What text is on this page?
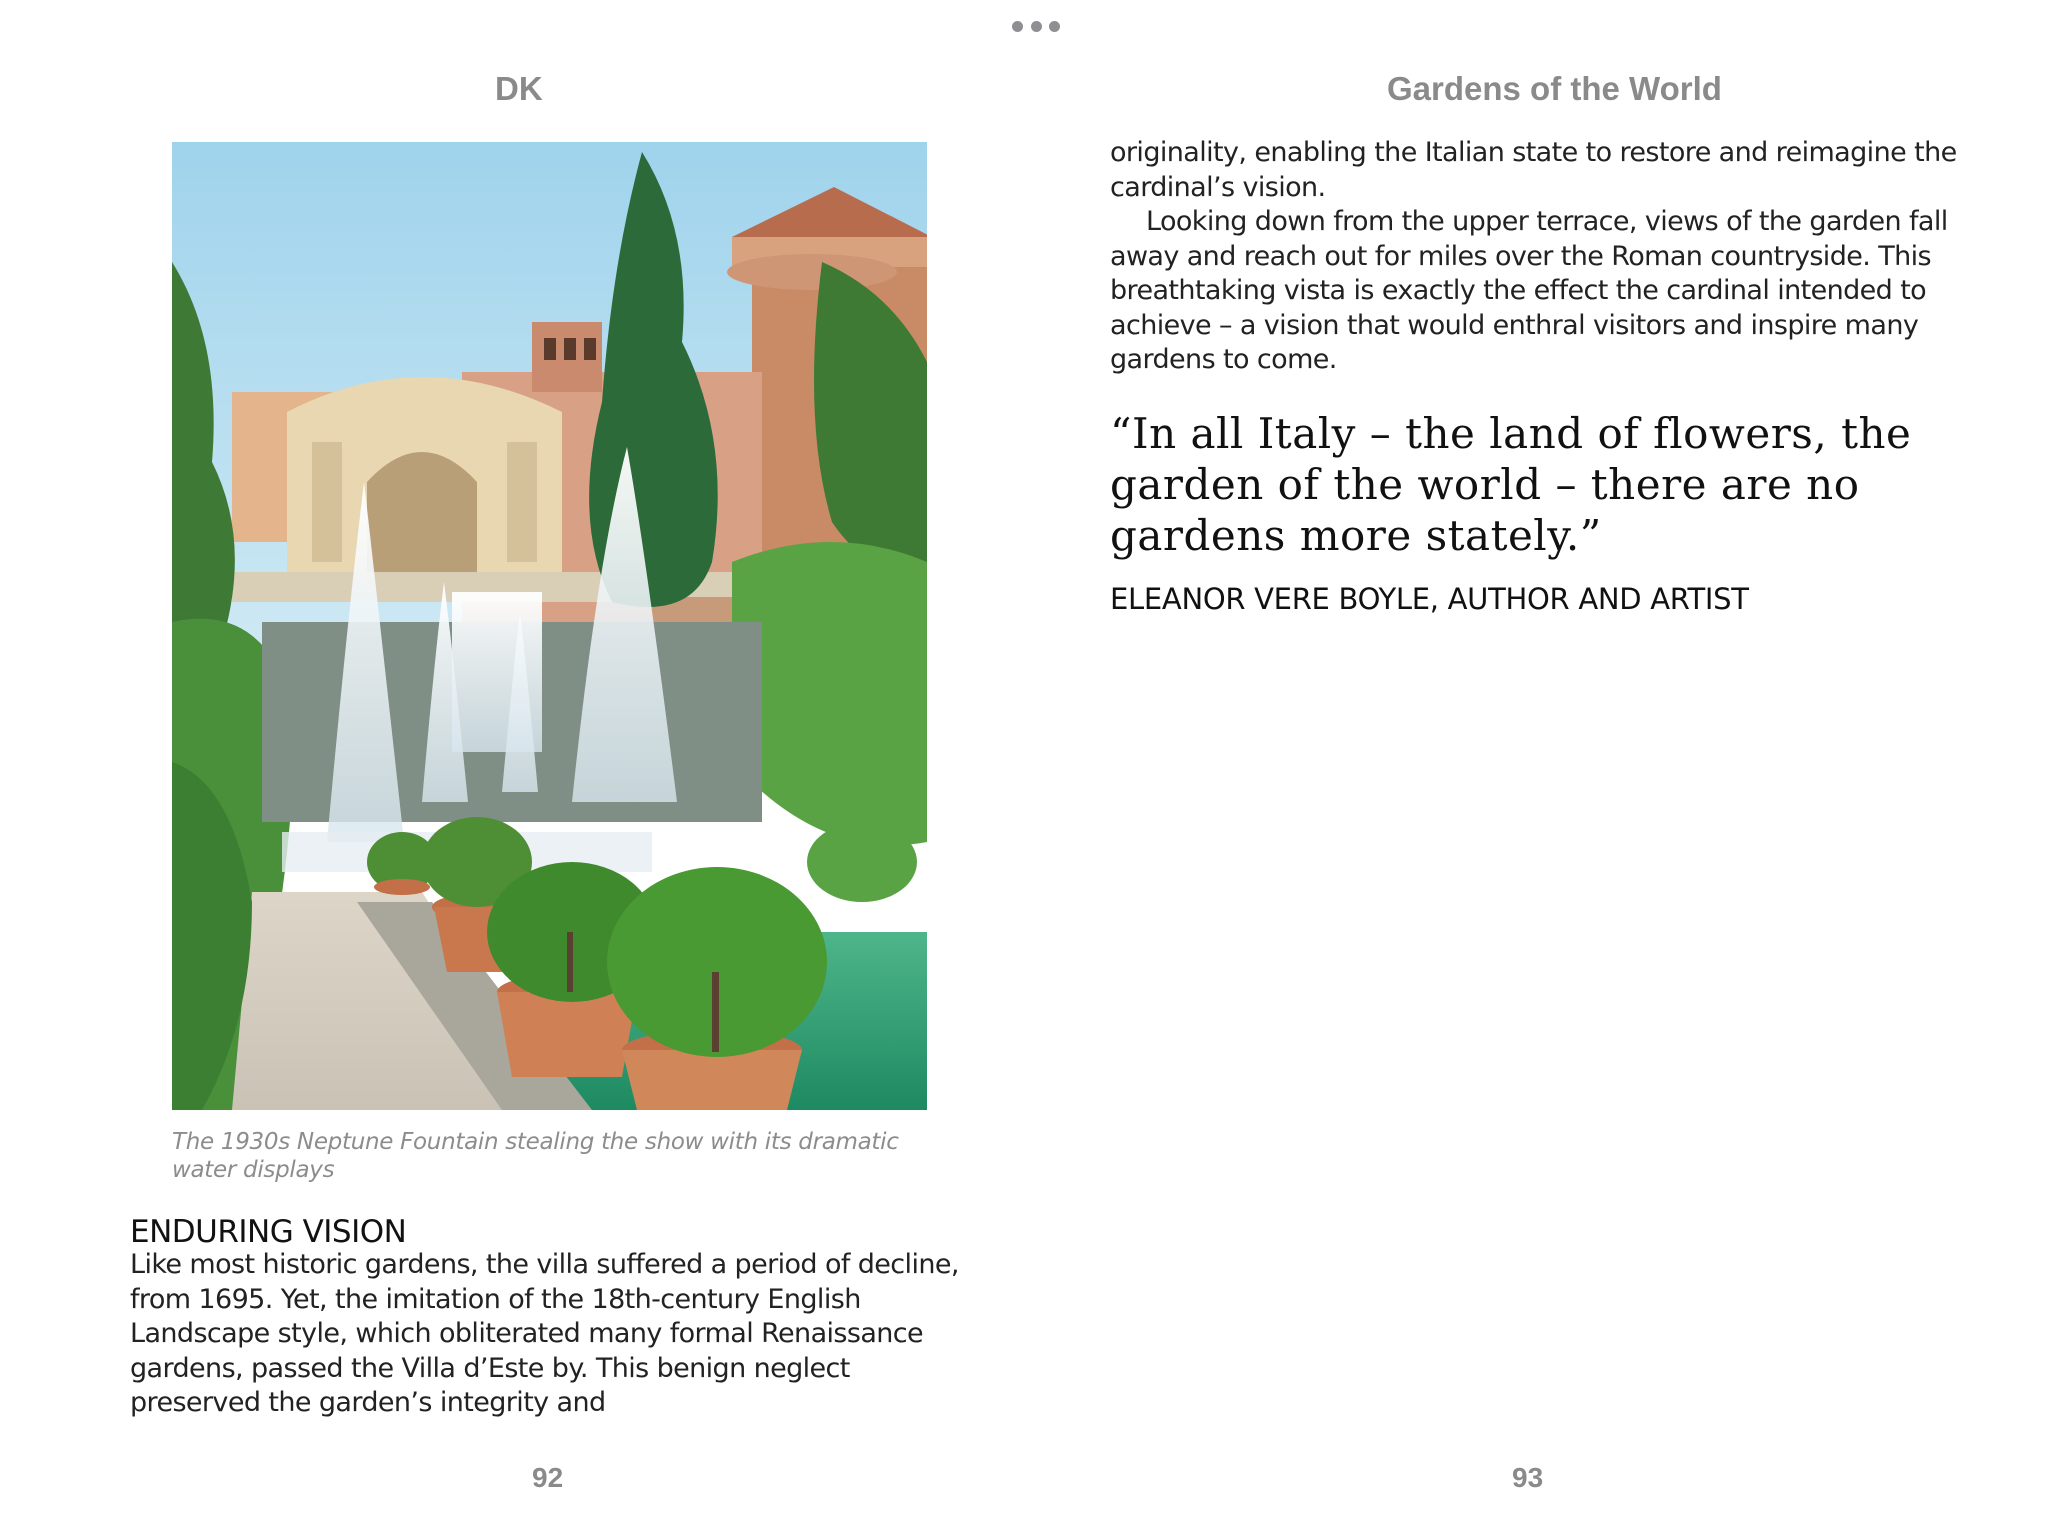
DK	Gardens of the World
The 1930s Neptune Fountain stealing the show with its dramatic water displays
ENDURING VISION

Like most historic gardens, the villa suffered a period of decline, from 1695. Yet, the imitation of the 18th-century English Landscape style, which obliterated many formal Renaissance gardens, passed the Villa d’Este by. This benign neglect preserved the garden’s integrity and

originality, enabling the Italian state to restore and reimagine the cardinal’s vision.

Looking down from the upper terrace, views of the garden fall away and reach out for miles over the Roman countryside. This breathtaking vista is exactly the effect the cardinal intended to achieve – a vision that would enthral visitors and inspire many gardens to come.

“In all Italy – the land of flowers, the garden of the world – there are no gardens more stately.”
ELEANOR VERE BOYLE, AUTHOR AND ARTIST
92	93
